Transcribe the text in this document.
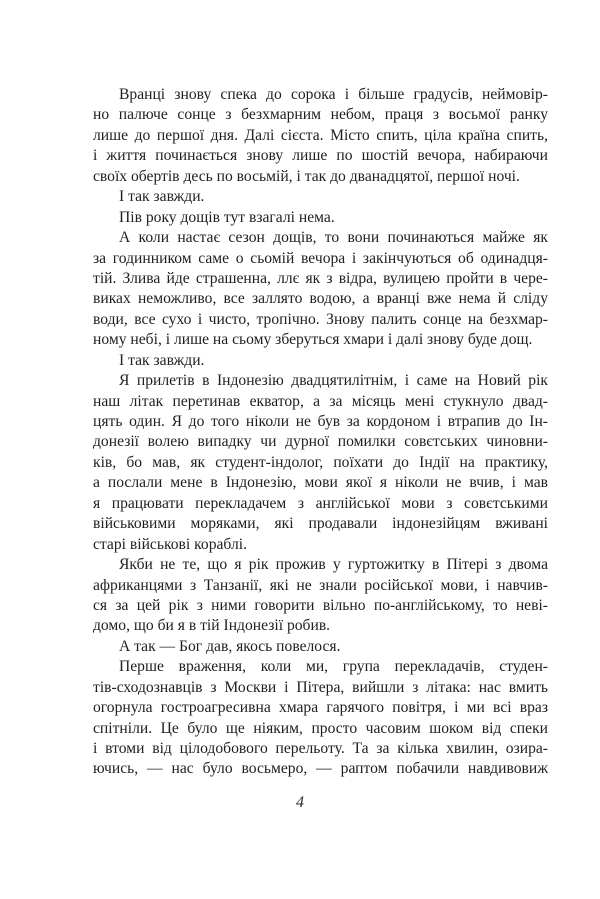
Вранці знову спека до сорока і більше градусів, неймовір-
но палюче сонце з безхмарним небом, праця з восьмої ранку
лише до першої дня. Далі сієста. Місто спить, ціла країна спить,
і життя починається знову лише по шостій вечора, набираючи
своїх обертів десь по восьмій, і так до дванадцятої, першої ночі.
І так завжди.
Пів року дощів тут взагалі нема.
А коли настає сезон дощів, то вони починаються майже як
за годинником саме о сьомій вечора і закінчуються об одинадця-
тій. Злива йде страшенна, ллє як з відра, вулицею пройти в чере-
виках неможливо, все заллято водою, а вранці вже нема й сліду
води, все сухо і чисто, тропічно. Знову палить сонце на безхмар-
ному небі, і лише на сьому зберуться хмари і далі знову буде дощ.
І так завжди.
Я прилетів в Індонезію двадцятилітнім, і саме на Новий рік
наш літак перетинав екватор, а за місяць мені стукнуло двад-
цять один. Я до того ніколи не був за кордоном і втрапив до Ін-
донезії волею випадку чи дурної помилки совєтських чиновни-
ків, бо мав, як студент-індолог, поїхати до Індії на практику,
а послали мене в Індонезію, мови якої я ніколи не вчив, і мав
я працювати перекладачем з англійської мови з совєтськими
військовими моряками, які продавали індонезійцям вживані
старі військові кораблі.
Якби не те, що я рік прожив у гуртожитку в Пітері з двома
африканцями з Танзанії, які не знали російської мови, і навчив-
ся за цей рік з ними говорити вільно по-англійському, то неві-
домо, що би я в тій Індонезії робив.
А так — Бог дав, якось повелося.
Перше враження, коли ми, група перекладачів, студен-
тів-сходознавців з Москви і Пітера, вийшли з літака: нас вмить
огорнула гостроагресивна хмара гарячого повітря, і ми всі враз
спітніли. Це було ще ніяким, просто часовим шоком від спеки
і втоми від цілодобового перельоту. Та за кілька хвилин, озира-
ючись, — нас було восьмеро, — раптом побачили навдивовиж
4
